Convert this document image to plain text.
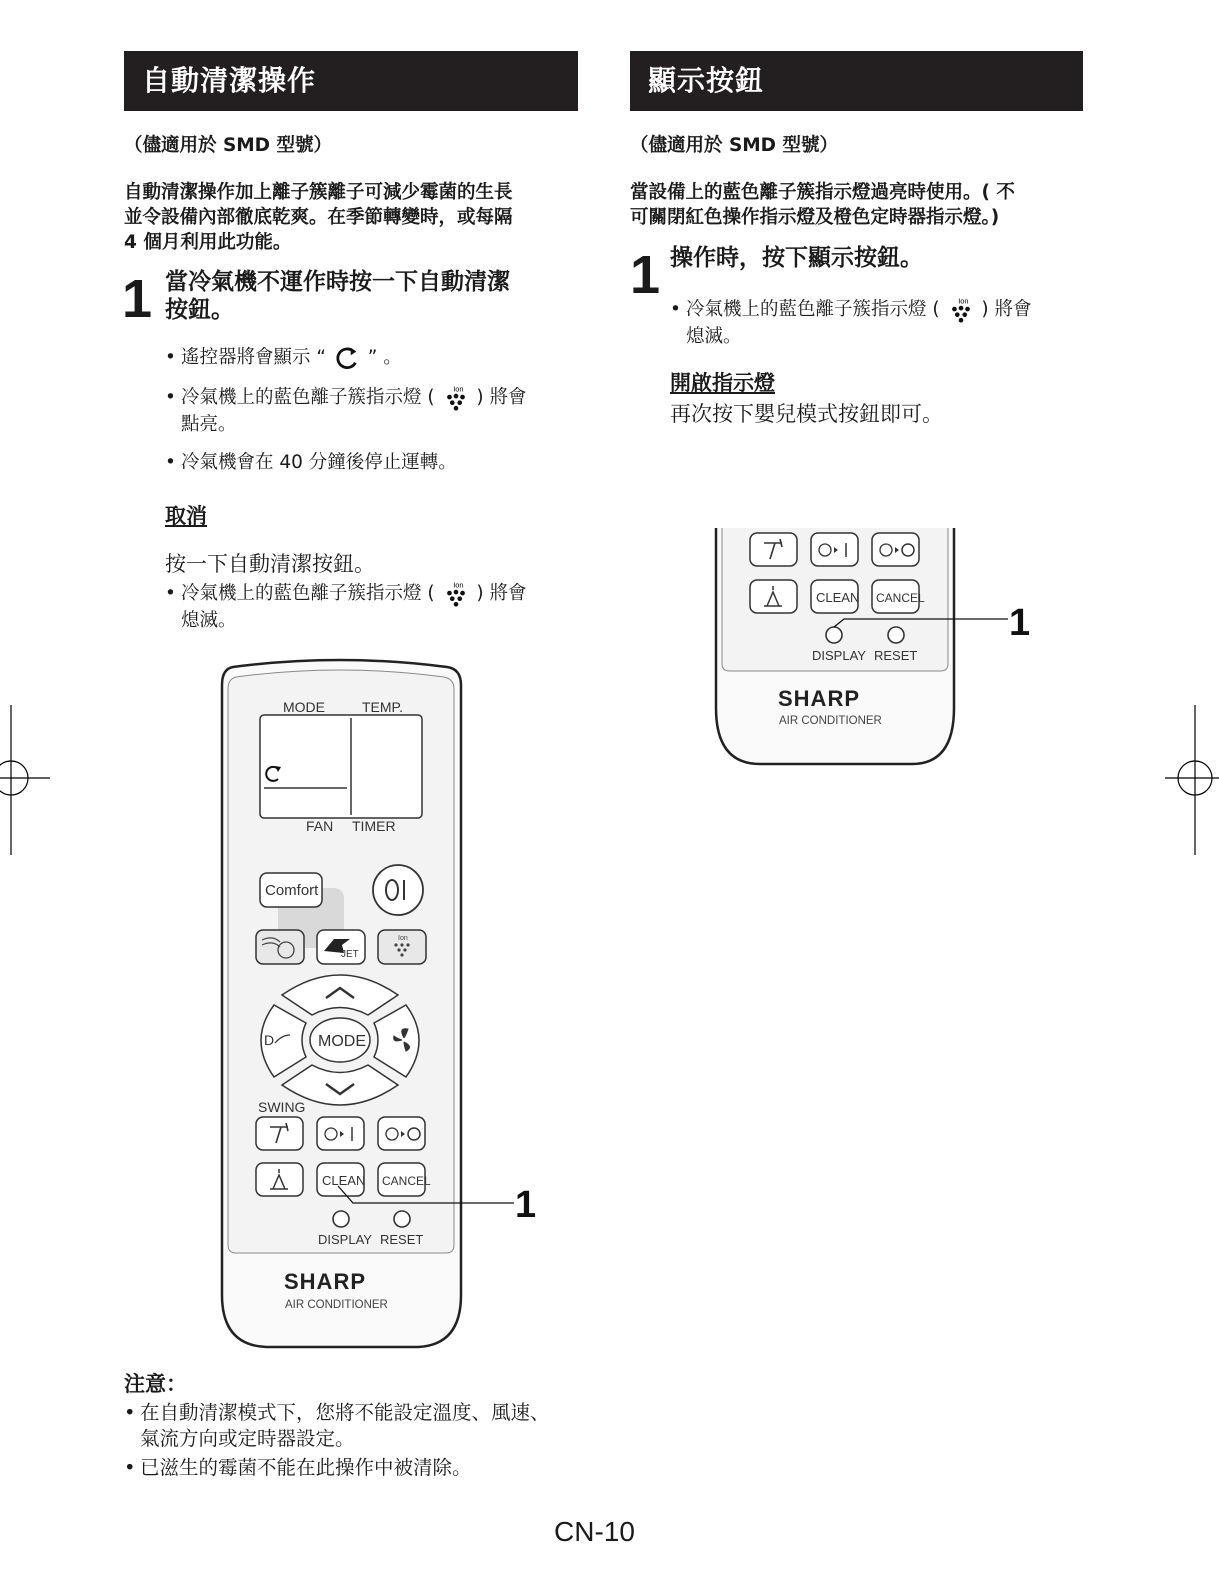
自動清潔操作
（儘適用於 SMD 型號）
自動清潔操作加上離子簇離子可減少霉菌的生長
並令設備內部徹底乾爽。在季節轉變時，或每隔
4 個月利用此功能。
1 當冷氣機不運作時按一下自動清潔
按鈕。
• 遙控器將會顯示 “ ” 。
• 冷氣機上的藍色離子簇指示燈 ( Ion ) 將會
點亮。
• 冷氣機會在 40 分鐘後停止運轉。
取消
按一下自動清潔按鈕。
• 冷氣機上的藍色離子簇指示燈 ( Ion ) 將會
熄滅。
MODE	TEMP.
FAN TIMER
Comfort
JET
Ion
D	MODE
SWING
CLEAN CANCEL
DISPLAY RESET
SHARP
AIR CONDITIONER
1
注意：
• 在自動清潔模式下，您將不能設定溫度、風速、
氣流方向或定時器設定。
• 已滋生的霉菌不能在此操作中被清除。
顯示按鈕
（儘適用於 SMD 型號）
當設備上的藍色離子簇指示燈過亮時使用。( 不
可關閉紅色操作指示燈及橙色定時器指示燈。)
1 操作時，按下顯示按鈕。
• 冷氣機上的藍色離子簇指示燈 ( Ion ) 將會
熄滅。
開啟指示燈
再次按下嬰兒模式按鈕即可。
CLEAN CANCEL
DISPLAY RESET
SHARP
AIR CONDITIONER
1
CN-10
